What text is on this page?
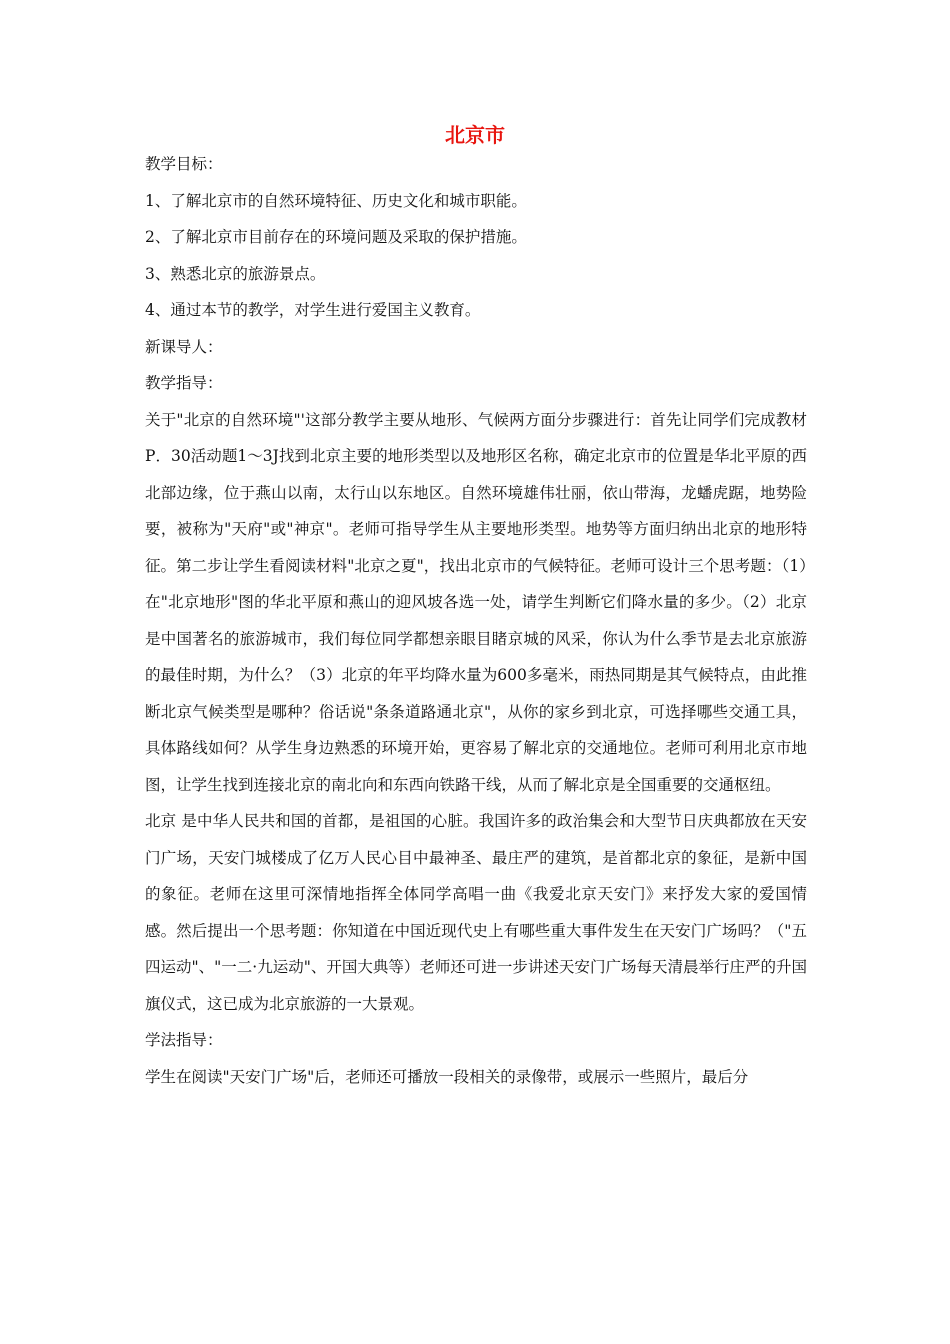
北京市

教学目标：

1、了解北京市的自然环境特征、历史文化和城市职能。

2、了解北京市目前存在的环境问题及采取的保护措施。

3、熟悉北京的旅游景点。

4、通过本节的教学，对学生进行爱国主义教育。

新课导人：

教学指导：

关于"北京的自然环境"'这部分教学主要从地形、气候两方面分步骤进行：首先让同学们完成教材P．30活动题1～3J找到北京主要的地形类型以及地形区名称，确定北京市的位置是华北平原的西北部边缘，位于燕山以南，太行山以东地区。自然环境雄伟壮丽，依山带海，龙蟠虎踞，地势险要，被称为"天府"或"神京"。老师可指导学生从主要地形类型。地势等方面归纳出北京的地形特征。第二步让学生看阅读材料"北京之夏"，找出北京市的气候特征。老师可设计三个思考题：（1）在"北京地形"图的华北平原和燕山的迎风坡各选一处，请学生判断它们降水量的多少。（2）北京是中国著名的旅游城市，我们每位同学都想亲眼目睹京城的风采，你认为什么季节是去北京旅游的最佳时期，为什么？（3）北京的年平均降水量为600多毫米，雨热同期是其气候特点，由此推断北京气候类型是哪种？俗话说"条条道路通北京"，从你的家乡到北京，可选择哪些交通工具，具体路线如何？从学生身边熟悉的环境开始，更容易了解北京的交通地位。老师可利用北京市地图，让学生找到连接北京的南北向和东西向铁路干线，从而了解北京是全国重要的交通枢纽。

北京 是中华人民共和国的首都，是祖国的心脏。我国许多的政治集会和大型节日庆典都放在天安门广场，天安门城楼成了亿万人民心目中最神圣、最庄严的建筑，是首都北京的象征，是新中国的象征。老师在这里可深情地指挥全体同学高唱一曲《我爱北京天安门》来抒发大家的爱国情感。然后提出一个思考题：你知道在中国近现代史上有哪些重大事件发生在天安门广场吗？（"五四运动"、"一二·九运动"、开国大典等）老师还可进一步讲述天安门广场每天清晨举行庄严的升国旗仪式，这已成为北京旅游的一大景观。

学法指导：

学生在阅读"天安门广场"后，老师还可播放一段相关的录像带，或展示一些照片，最后分
